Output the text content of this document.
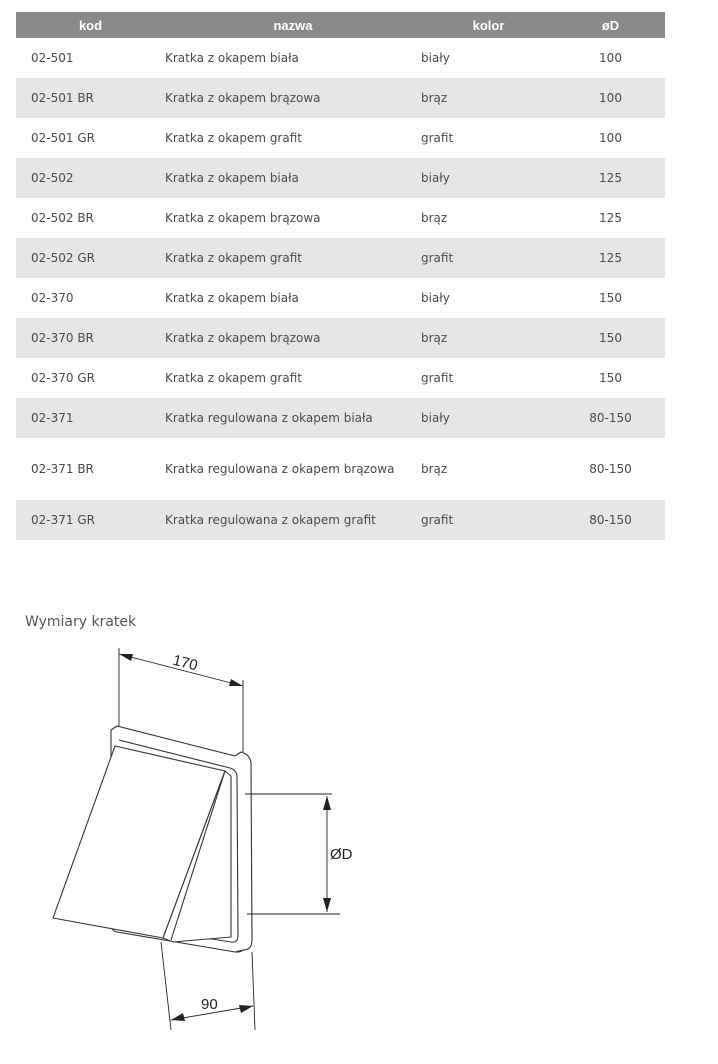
kod	nazwa	kolor	øD
02-501	Kratka z okapem biała	biały	100
02-501 BR	Kratka z okapem brązowa	brąz	100
02-501 GR	Kratka z okapem grafit	grafit	100
02-502	Kratka z okapem biała	biały	125
02-502 BR	Kratka z okapem brązowa	brąz	125
02-502 GR	Kratka z okapem grafit	grafit	125
02-370	Kratka z okapem biała	biały	150
02-370 BR	Kratka z okapem brązowa	brąz	150
02-370 GR	Kratka z okapem grafit	grafit	150
02-371	Kratka regulowana z okapem biała	biały	80-150
02-371 BR	Kratka regulowana z okapem brązowa	brąz	80-150
02-371 GR	Kratka regulowana z okapem grafit	grafit	80-150
Wymiary kratek
170
ØD
90
